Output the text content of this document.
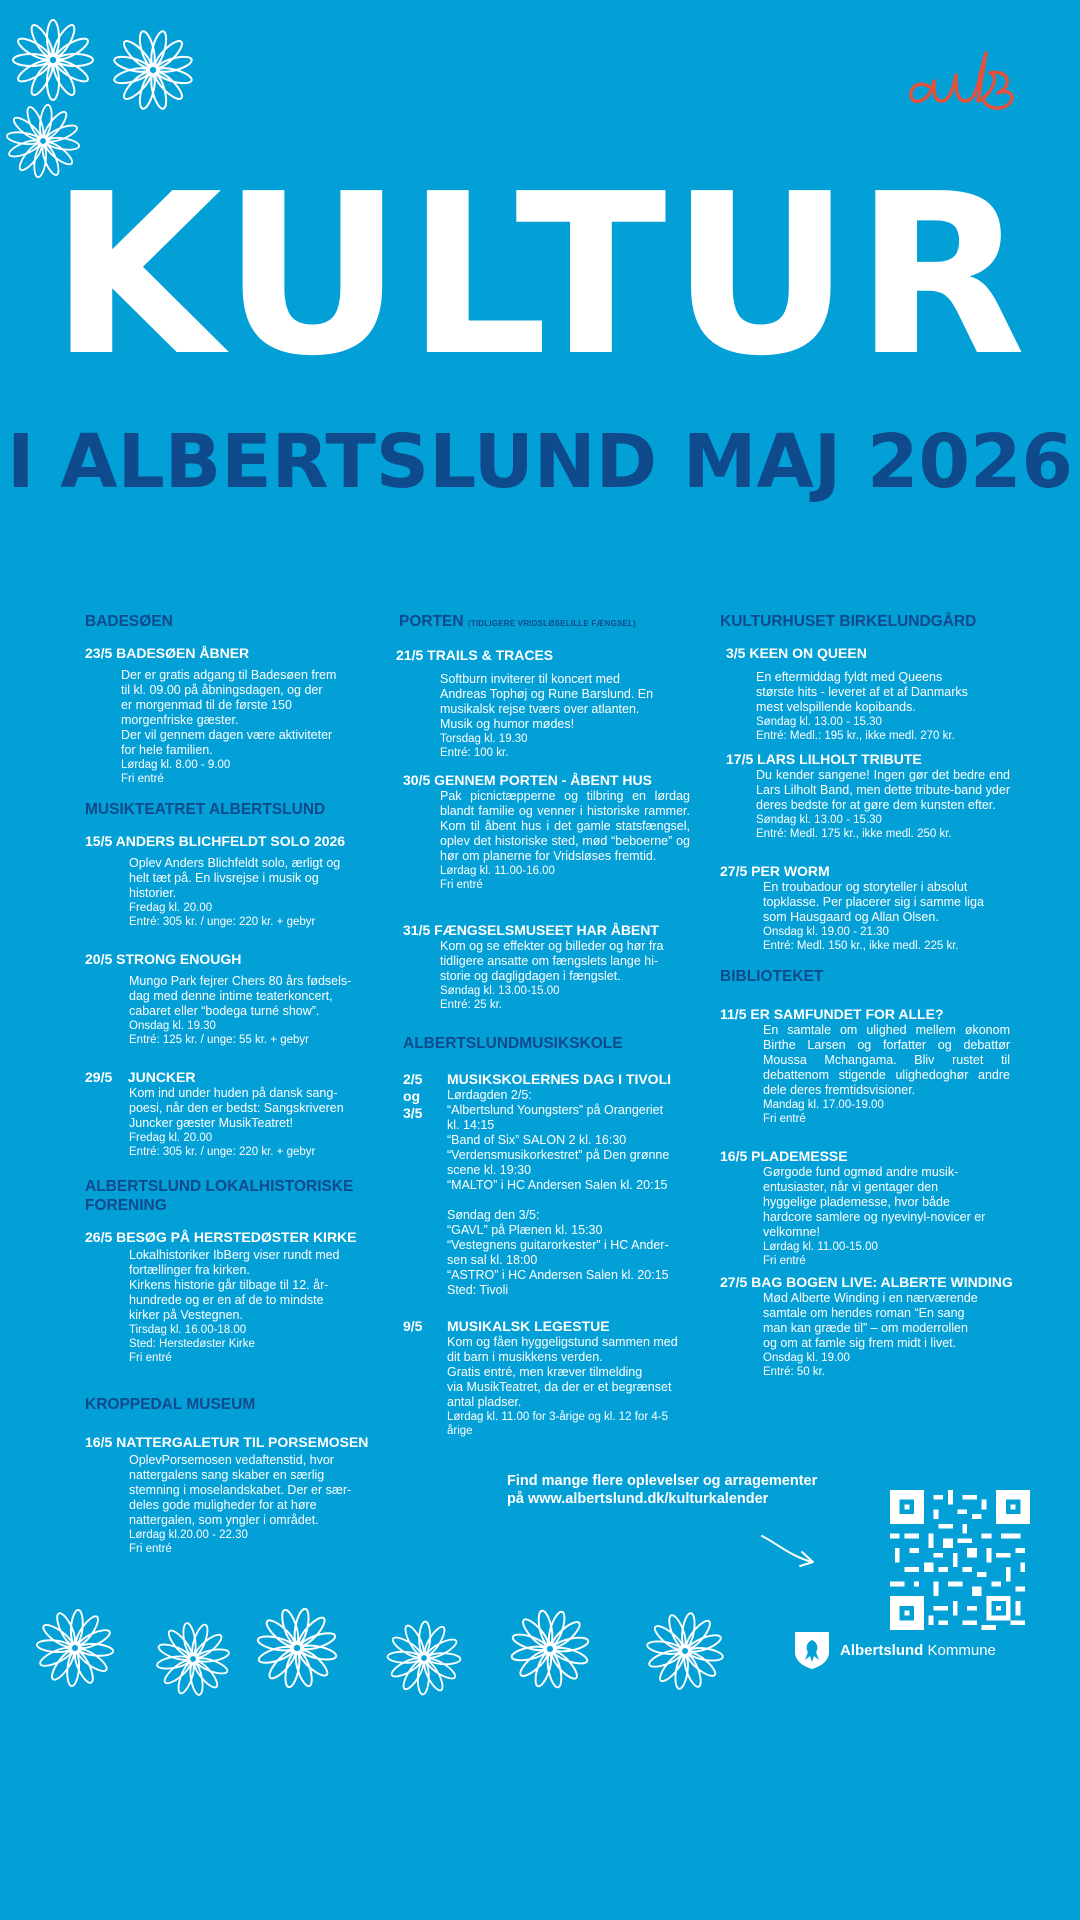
KULTUR
I ALBERTSLUND MAJ 2026
BADESØEN
23/5 BADESØEN ÅBNER
Der er gratis adgang til Badesøen frem
til kl. 09.00 på åbningsdagen, og der
er morgenmad til de første 150
morgenfriske gæster.
Der vil gennem dagen være aktiviteter
for hele familien.
Lørdag kl. 8.00 - 9.00
Fri entré
MUSIKTEATRET ALBERTSLUND
15/5 ANDERS BLICHFELDT SOLO 2026
Oplev Anders Blichfeldt solo, ærligt og
helt tæt på. En livsrejse i musik og
historier.
Fredag kl. 20.00
Entré: 305 kr. / unge: 220 kr. + gebyr
20/5 STRONG ENOUGH
Mungo Park fejrer Chers 80 års fødsels-
dag med denne intime teaterkoncert,
cabaret eller “bodega turné show”.
Onsdag kl. 19.30
Entré: 125 kr. / unge: 55 kr. + gebyr
29/5    JUNCKER
Kom ind under huden på dansk sang-
poesi, når den er bedst: Sangskriveren
Juncker gæster MusikTeatret!
Fredag kl. 20.00
Entré: 305 kr. / unge: 220 kr. + gebyr
ALBERTSLUND LOKALHISTORISKE FORENING
26/5 BESØG PÅ HERSTEDØSTER KIRKE
Lokalhistoriker IbBerg viser rundt med
fortællinger fra kirken.
Kirkens historie går tilbage til 12. år-
hundrede og er en af de to mindste
kirker på Vestegnen.
Tirsdag kl. 16.00-18.00
Sted: Herstedøster Kirke
Fri entré
KROPPEDAL MUSEUM
16/5 NATTERGALETUR TIL PORSEMOSEN
OplevPorsemosen vedaftenstid, hvor
nattergalens sang skaber en særlig
stemning i moselandskabet. Der er sær-
deles gode muligheder for at høre
nattergalen, som yngler i området.
Lørdag kl.20.00 - 22.30
Fri entré
PORTEN (TIDLIGERE VRIDSLØSELILLE FÆNGSEL)
21/5 TRAILS & TRACES
Softburn inviterer til koncert med
Andreas Tophøj og Rune Barslund. En
musikalsk rejse tværs over atlanten.
Musik og humor mødes!
Torsdag kl. 19.30
Entré: 100 kr.
30/5 GENNEM PORTEN - ÅBENT HUS
Pak picnictæpperne og tilbring en lørdag blandt familie og venner i historiske rammer. Kom til åbent hus i det gamle statsfængsel, oplev det historiske sted, mød “beboerne” og hør om planerne for Vridsløses fremtid.
Lørdag kl. 11.00-16.00
Fri entré
31/5 FÆNGSELSMUSEET HAR ÅBENT
Kom og se effekter og billeder og hør fra
tidligere ansatte om fængslets lange hi-
storie og dagligdagen i fængslet.
Søndag kl. 13.00-15.00
Entré: 25 kr.
ALBERTSLUNDMUSIKSKOLE
2/5
og
3/5
MUSIKSKOLERNES DAG I TIVOLI
Lørdagden 2/5:
“Albertslund Youngsters” på Orangeriet
kl. 14:15
“Band of Six” SALON 2 kl. 16:30
“Verdensmusikorkestret” på Den grønne
scene kl. 19:30
“MALTO” i HC Andersen Salen kl. 20:15

Søndag den 3/5:
“GAVL” på Plænen kl. 15:30
“Vestegnens guitarorkester” i HC Ander-
sen sal kl. 18:00
“ASTRO” i HC Andersen Salen kl. 20:15
Sted: Tivoli
9/5 MUSIKALSK LEGESTUE
Kom og fåen hyggeligstund sammen med
dit barn i musikkens verden.
Gratis entré, men kræver tilmelding
via MusikTeatret, da der er et begrænset
antal pladser.
Lørdag kl. 11.00 for 3-årige og kl. 12 for 4-5
årige
KULTURHUSET BIRKELUNDGÅRD
3/5 KEEN ON QUEEN
En eftermiddag fyldt med Queens
største hits - leveret af et af Danmarks
mest velspillende kopibands.
Søndag kl. 13.00 - 15.30
Entré: Medl.: 195 kr., ikke medl. 270 kr.
17/5 LARS LILHOLT TRIBUTE
Du kender sangene! Ingen gør det bedre end Lars Lilholt Band, men dette tribute-band yder deres bedste for at gøre dem kunsten efter.
Søndag kl. 13.00 - 15.30
Entré: Medl. 175 kr., ikke medl. 250 kr.
27/5 PER WORM
En troubadour og storyteller i absolut
topklasse. Per placerer sig i samme liga
som Hausgaard og Allan Olsen.
Onsdag kl. 19.00 - 21.30
Entré: Medl. 150 kr., ikke medl. 225 kr.
BIBLIOTEKET
11/5 ER SAMFUNDET FOR ALLE?
En samtale om ulighed mellem økonom Birthe Larsen og forfatter og debattør Moussa Mchangama. Bliv rustet til debattenom stigende ulighedoghør andre dele deres fremtidsvisioner.
Mandag kl. 17.00-19.00
Fri entré
16/5 PLADEMESSE
Gørgode fund ogmød andre musik-
entusiaster, når vi gentager den
hyggelige plademesse, hvor både
hardcore samlere og nyevinyl-novicer er
velkomne!
Lørdag kl. 11.00-15.00
Fri entré
27/5 BAG BOGEN LIVE: ALBERTE WINDING
Mød Alberte Winding i en nærværende
samtale om hendes roman “En sang
man kan græde til” – om moderrollen
og om at famle sig frem midt i livet.
Onsdag kl. 19.00
Entré: 50 kr.
Find mange flere oplevelser og arragementer
på www.albertslund.dk/kulturkalender
Albertslund Kommune
